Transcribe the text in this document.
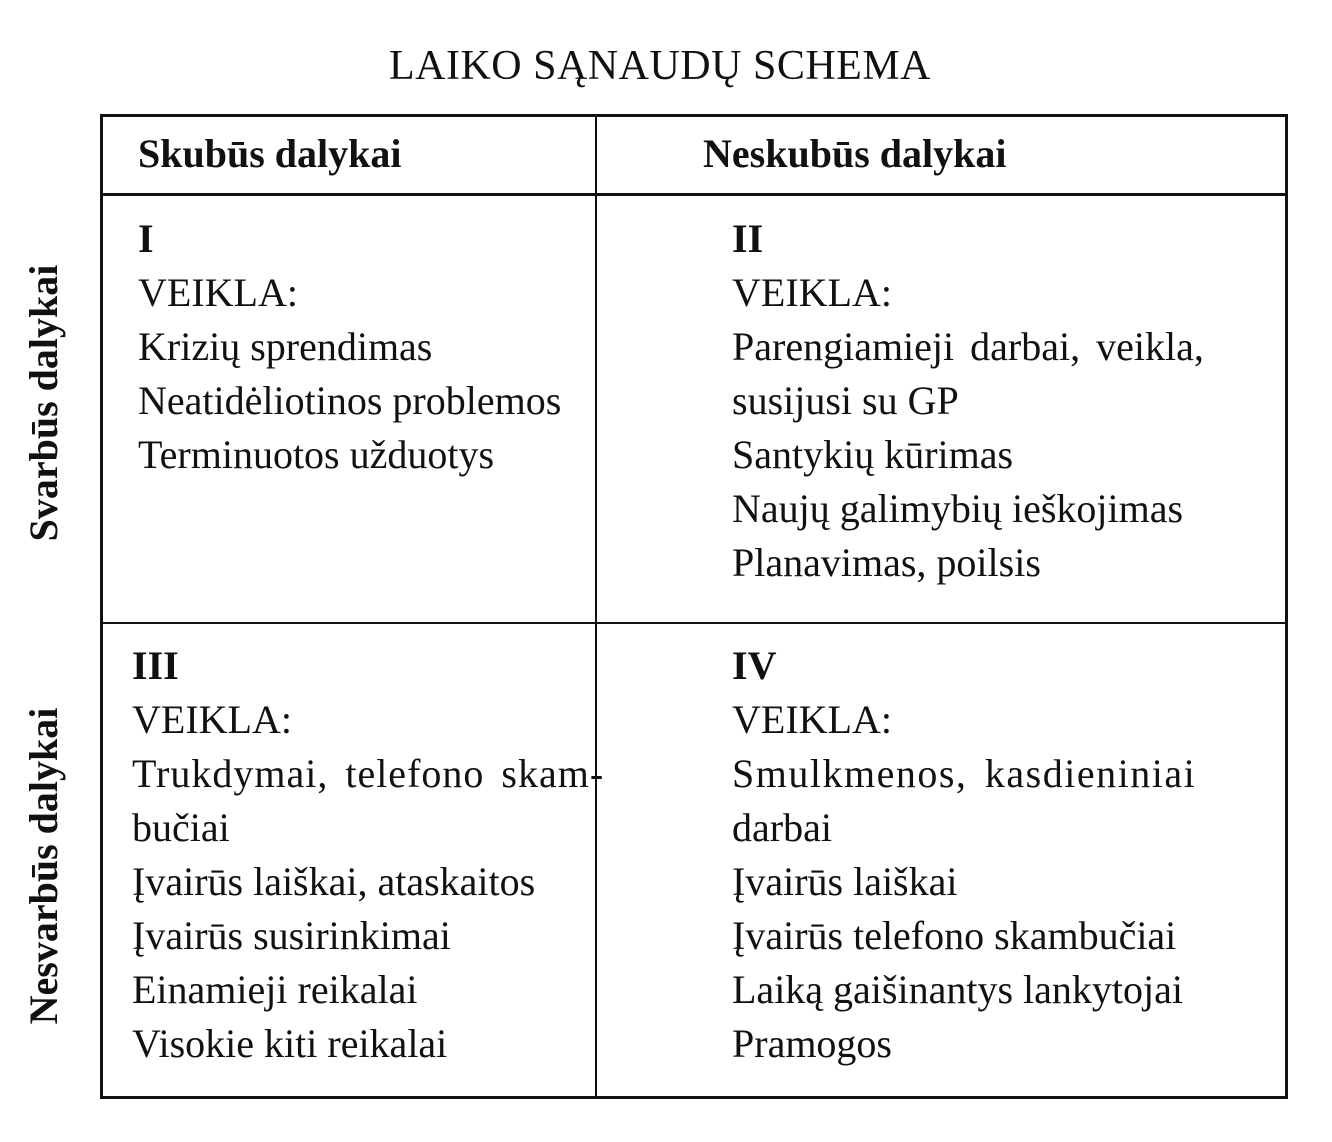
LAIKO SĄNAUDŲ SCHEMA
Svarbūs dalykai
Nesvarbūs dalykai
Skubūs dalykai	Neskubūs dalykai
I
VEIKLA:
Krizių sprendimas
Neatidėliotinos problemos
Terminuotos užduotys
II
VEIKLA:
Parengiamieji darbai, veikla,
susijusi su GP
Santykių kūrimas
Naujų galimybių ieškojimas
Planavimas, poilsis
III
VEIKLA:
Trukdymai, telefono skam-
bučiai
Įvairūs laiškai, ataskaitos
Įvairūs susirinkimai
Einamieji reikalai
Visokie kiti reikalai
IV
VEIKLA:
Smulkmenos, kasdieniniai
darbai
Įvairūs laiškai
Įvairūs telefono skambučiai
Laiką gaišinantys lankytojai
Pramogos
